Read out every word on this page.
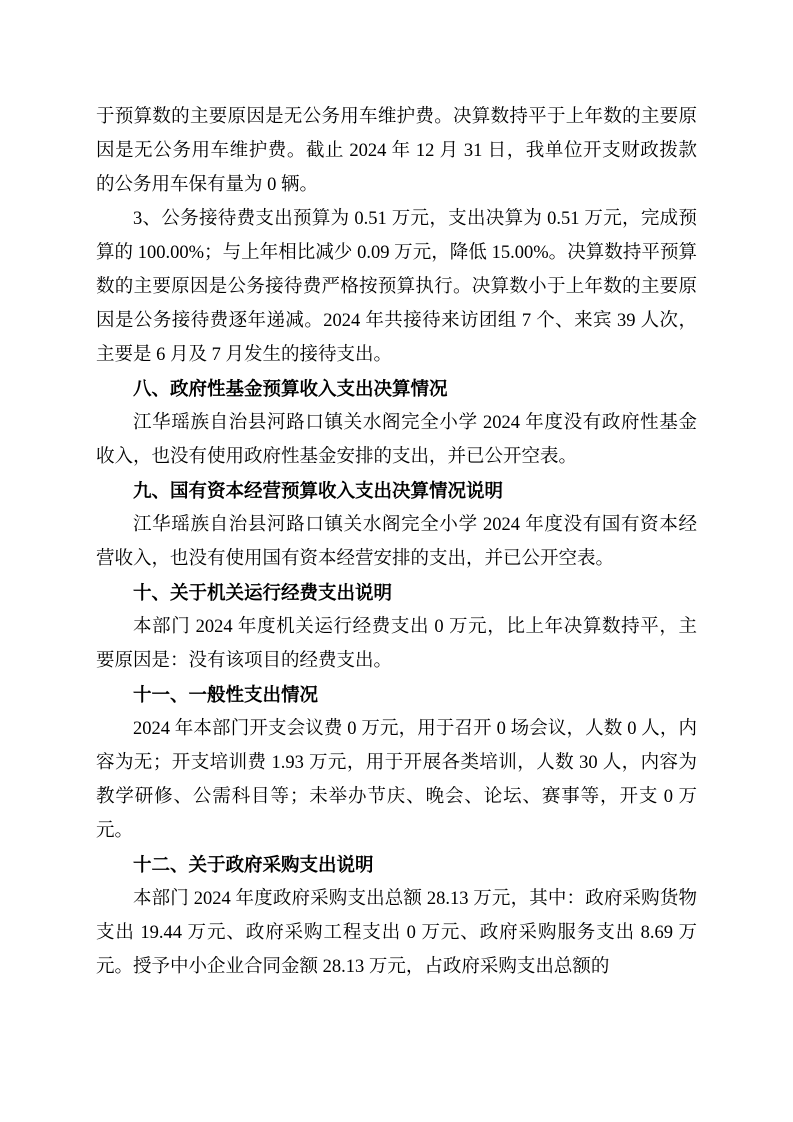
于预算数的主要原因是无公务用车维护费。决算数持平于上年数的主要原因是无公务用车维护费。截止 2024 年 12 月 31 日，我单位开支财政拨款的公务用车保有量为 0 辆。

3、公务接待费支出预算为 0.51 万元，支出决算为 0.51 万元，完成预算的 100.00%；与上年相比减少 0.09 万元，降低 15.00%。决算数持平预算数的主要原因是公务接待费严格按预算执行。决算数小于上年数的主要原因是公务接待费逐年递减。2024 年共接待来访团组 7 个、来宾 39 人次，主要是 6 月及 7 月发生的接待支出。

八、政府性基金预算收入支出决算情况

江华瑶族自治县河路口镇关水阁完全小学 2024 年度没有政府性基金收入，也没有使用政府性基金安排的支出，并已公开空表。

九、国有资本经营预算收入支出决算情况说明

江华瑶族自治县河路口镇关水阁完全小学 2024 年度没有国有资本经营收入，也没有使用国有资本经营安排的支出，并已公开空表。

十、关于机关运行经费支出说明

本部门 2024 年度机关运行经费支出 0 万元，比上年决算数持平，主要原因是：没有该项目的经费支出。

十一、一般性支出情况

2024 年本部门开支会议费 0 万元，用于召开 0 场会议，人数 0 人，内容为无；开支培训费 1.93 万元，用于开展各类培训，人数 30 人，内容为教学研修、公需科目等；未举办节庆、晚会、论坛、赛事等，开支 0 万元。

十二、关于政府采购支出说明

本部门 2024 年度政府采购支出总额 28.13 万元，其中：政府采购货物支出 19.44 万元、政府采购工程支出 0 万元、政府采购服务支出 8.69 万元。授予中小企业合同金额 28.13 万元，占政府采购支出总额的
